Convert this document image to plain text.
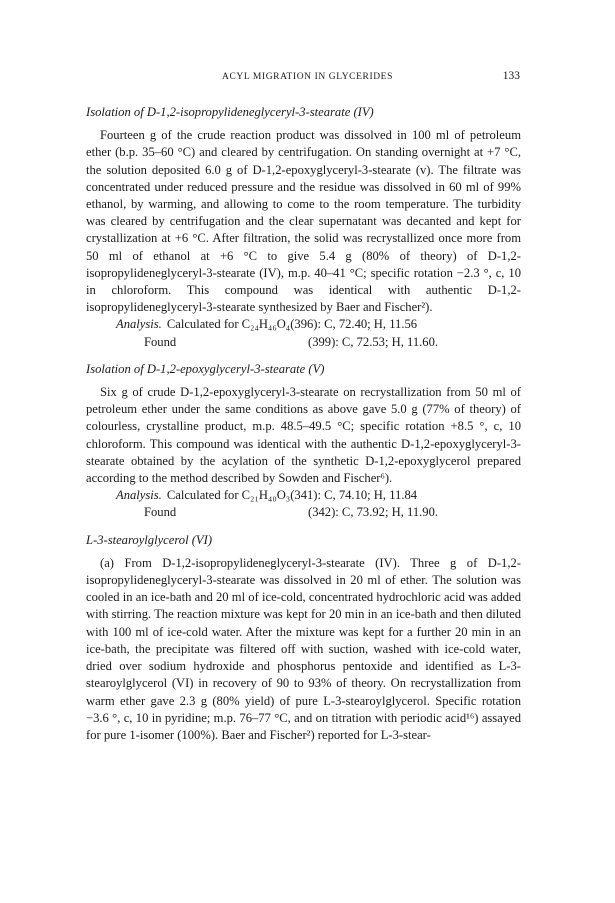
ACYL MIGRATION IN GLYCERIDES	133

Isolation of D-1,2-isopropylideneglyceryl-3-stearate (IV)

Fourteen g of the crude reaction product was dissolved in 100 ml of petroleum ether (b.p. 35–60 °C) and cleared by centrifugation. On standing overnight at +7 °C, the solution deposited 6.0 g of D-1,2-epoxyglyceryl-3-stearate (v). The filtrate was concentrated under reduced pressure and the residue was dissolved in 60 ml of 99% ethanol, by warming, and allowing to come to the room temperature. The turbidity was cleared by centrifugation and the clear supernatant was decanted and kept for crystallization at +6 °C. After filtration, the solid was recrystallized once more from 50 ml of ethanol at +6 °C to give 5.4 g (80% of theory) of D-1,2-isopropylideneglyceryl-3-stearate (IV), m.p. 40–41 °C; specific rotation −2.3 °, c, 10 in chloroform. This compound was identical with authentic D-1,2-isopropylideneglyceryl-3-stearate synthesized by Baer and Fischer²).

Analysis. Calculated for C₂₄H₄₆O₄(396): C, 72.40; H, 11.56
Found	(399): C, 72.53; H, 11.60.

Isolation of D-1,2-epoxyglyceryl-3-stearate (V)

Six g of crude D-1,2-epoxyglyceryl-3-stearate on recrystallization from 50 ml of petroleum ether under the same conditions as above gave 5.0 g (77% of theory) of colourless, crystalline product, m.p. 48.5–49.5 °C; specific rotation +8.5 °, c, 10 chloroform. This compound was identical with the authentic D-1,2-epoxyglyceryl-3-stearate obtained by the acylation of the synthetic D-1,2-epoxyglycerol prepared according to the method described by Sowden and Fischer⁶).

Analysis. Calculated for C₂₁H₄₀O₃(341): C, 74.10; H, 11.84
Found	(342): C, 73.92; H, 11.90.

L-3-stearoylglycerol (VI)

(a) From D-1,2-isopropylideneglyceryl-3-stearate (IV). Three g of D-1,2-isopropylideneglyceryl-3-stearate was dissolved in 20 ml of ether. The solution was cooled in an ice-bath and 20 ml of ice-cold, concentrated hydrochloric acid was added with stirring. The reaction mixture was kept for 20 min in an ice-bath and then diluted with 100 ml of ice-cold water. After the mixture was kept for a further 20 min in an ice-bath, the precipitate was filtered off with suction, washed with ice-cold water, dried over sodium hydroxide and phosphorus pentoxide and identified as L-3-stearoylglycerol (VI) in recovery of 90 to 93% of theory. On recrystallization from warm ether gave 2.3 g (80% yield) of pure L-3-stearoylglycerol. Specific rotation −3.6 °, c, 10 in pyridine; m.p. 76–77 °C, and on titration with periodic acid¹⁶) assayed for pure 1-isomer (100%). Baer and Fischer²) reported for L-3-stear-
